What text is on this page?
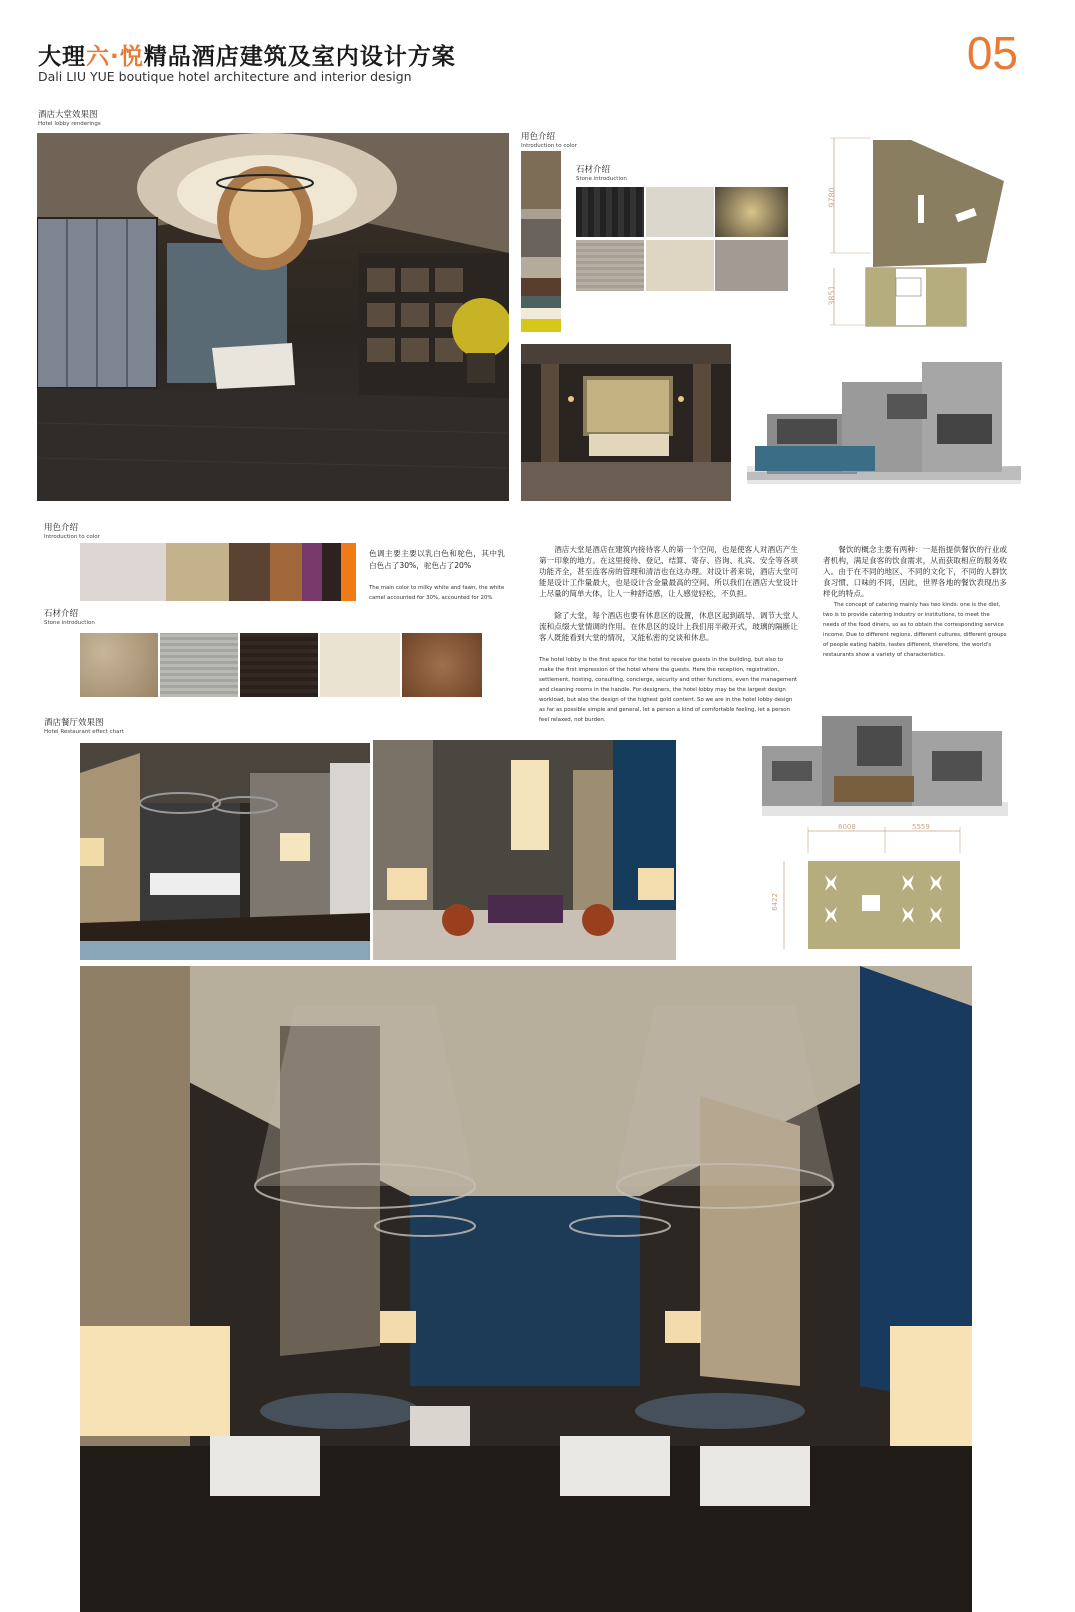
大理六·悦精品酒店建筑及室内设计方案
Dali LIU YUE boutique hotel architecture and interior design	05
酒店大堂效果图
Hotel lobby renderings
用色介绍
Introduction to color
石材介绍
Stone introduction
9780
3851
用色介绍
Introduction to color
色调主要主要以乳白色和驼色，其中乳白色占了30%，驼色占了20%
The main color to milky white and fawn, the white camel accounted for 30%, accounted for 20%
石材介绍
Stone introduction
酒店大堂是酒店在建筑内接待客人的第一个空间，也是使客人对酒店产生第一印象的地方。在这里接待、登记、结算、寄存、咨询、礼宾、安全等各项功能齐全，甚至连客房的管理和清洁也在这办理。对设计者来说，酒店大堂可能是设计工作量最大，也是设计含金量最高的空间。所以我们在酒店大堂设计上尽量的简单大体，让人一种舒适感，让人感觉轻松，不负担。
除了大堂，每个酒店也要有休息区的设置，休息区起到疏导、调节大堂人流和点缀大堂情调的作用。在休息区的设计上我们用半敞开式，玻璃的隔断让客人既能看到大堂的情况，又能私密的交谈和休息。
The hotel lobby is the first space for the hotel to receive guests in the building, but also to make the first impression of the hotel where the guests. Here the reception, registration, settlement, hosting, consulting, concierge, security and other functions, even the management and cleaning rooms in the handle. For designers, the hotel lobby may be the largest design workload, but also the design of the highest gold content. So we are in the hotel lobby design as far as possible simple and general, let a person a kind of comfortable feeling, let a person feel relaxed, not burden.
餐饮的概念主要有两种：一是指提供餐饮的行业或者机构，满足食客的饮食需求，从而获取相应的服务收入。由于在不同的地区、不同的文化下，不同的人群饮食习惯、口味的不同，因此，世界各地的餐饮表现出多样化的特点。
The concept of catering mainly has two kinds: one is the diet, two is to provide catering industry or institutions, to meet the needs of the food diners, so as to obtain the corresponding service income. Due to different regions, different cultures, different groups of people eating habits, tastes different, therefore, the world's restaurants show a variety of characteristics.
酒店餐厅效果图
Hotel Restaurant effect chart
6008	5559
6422
